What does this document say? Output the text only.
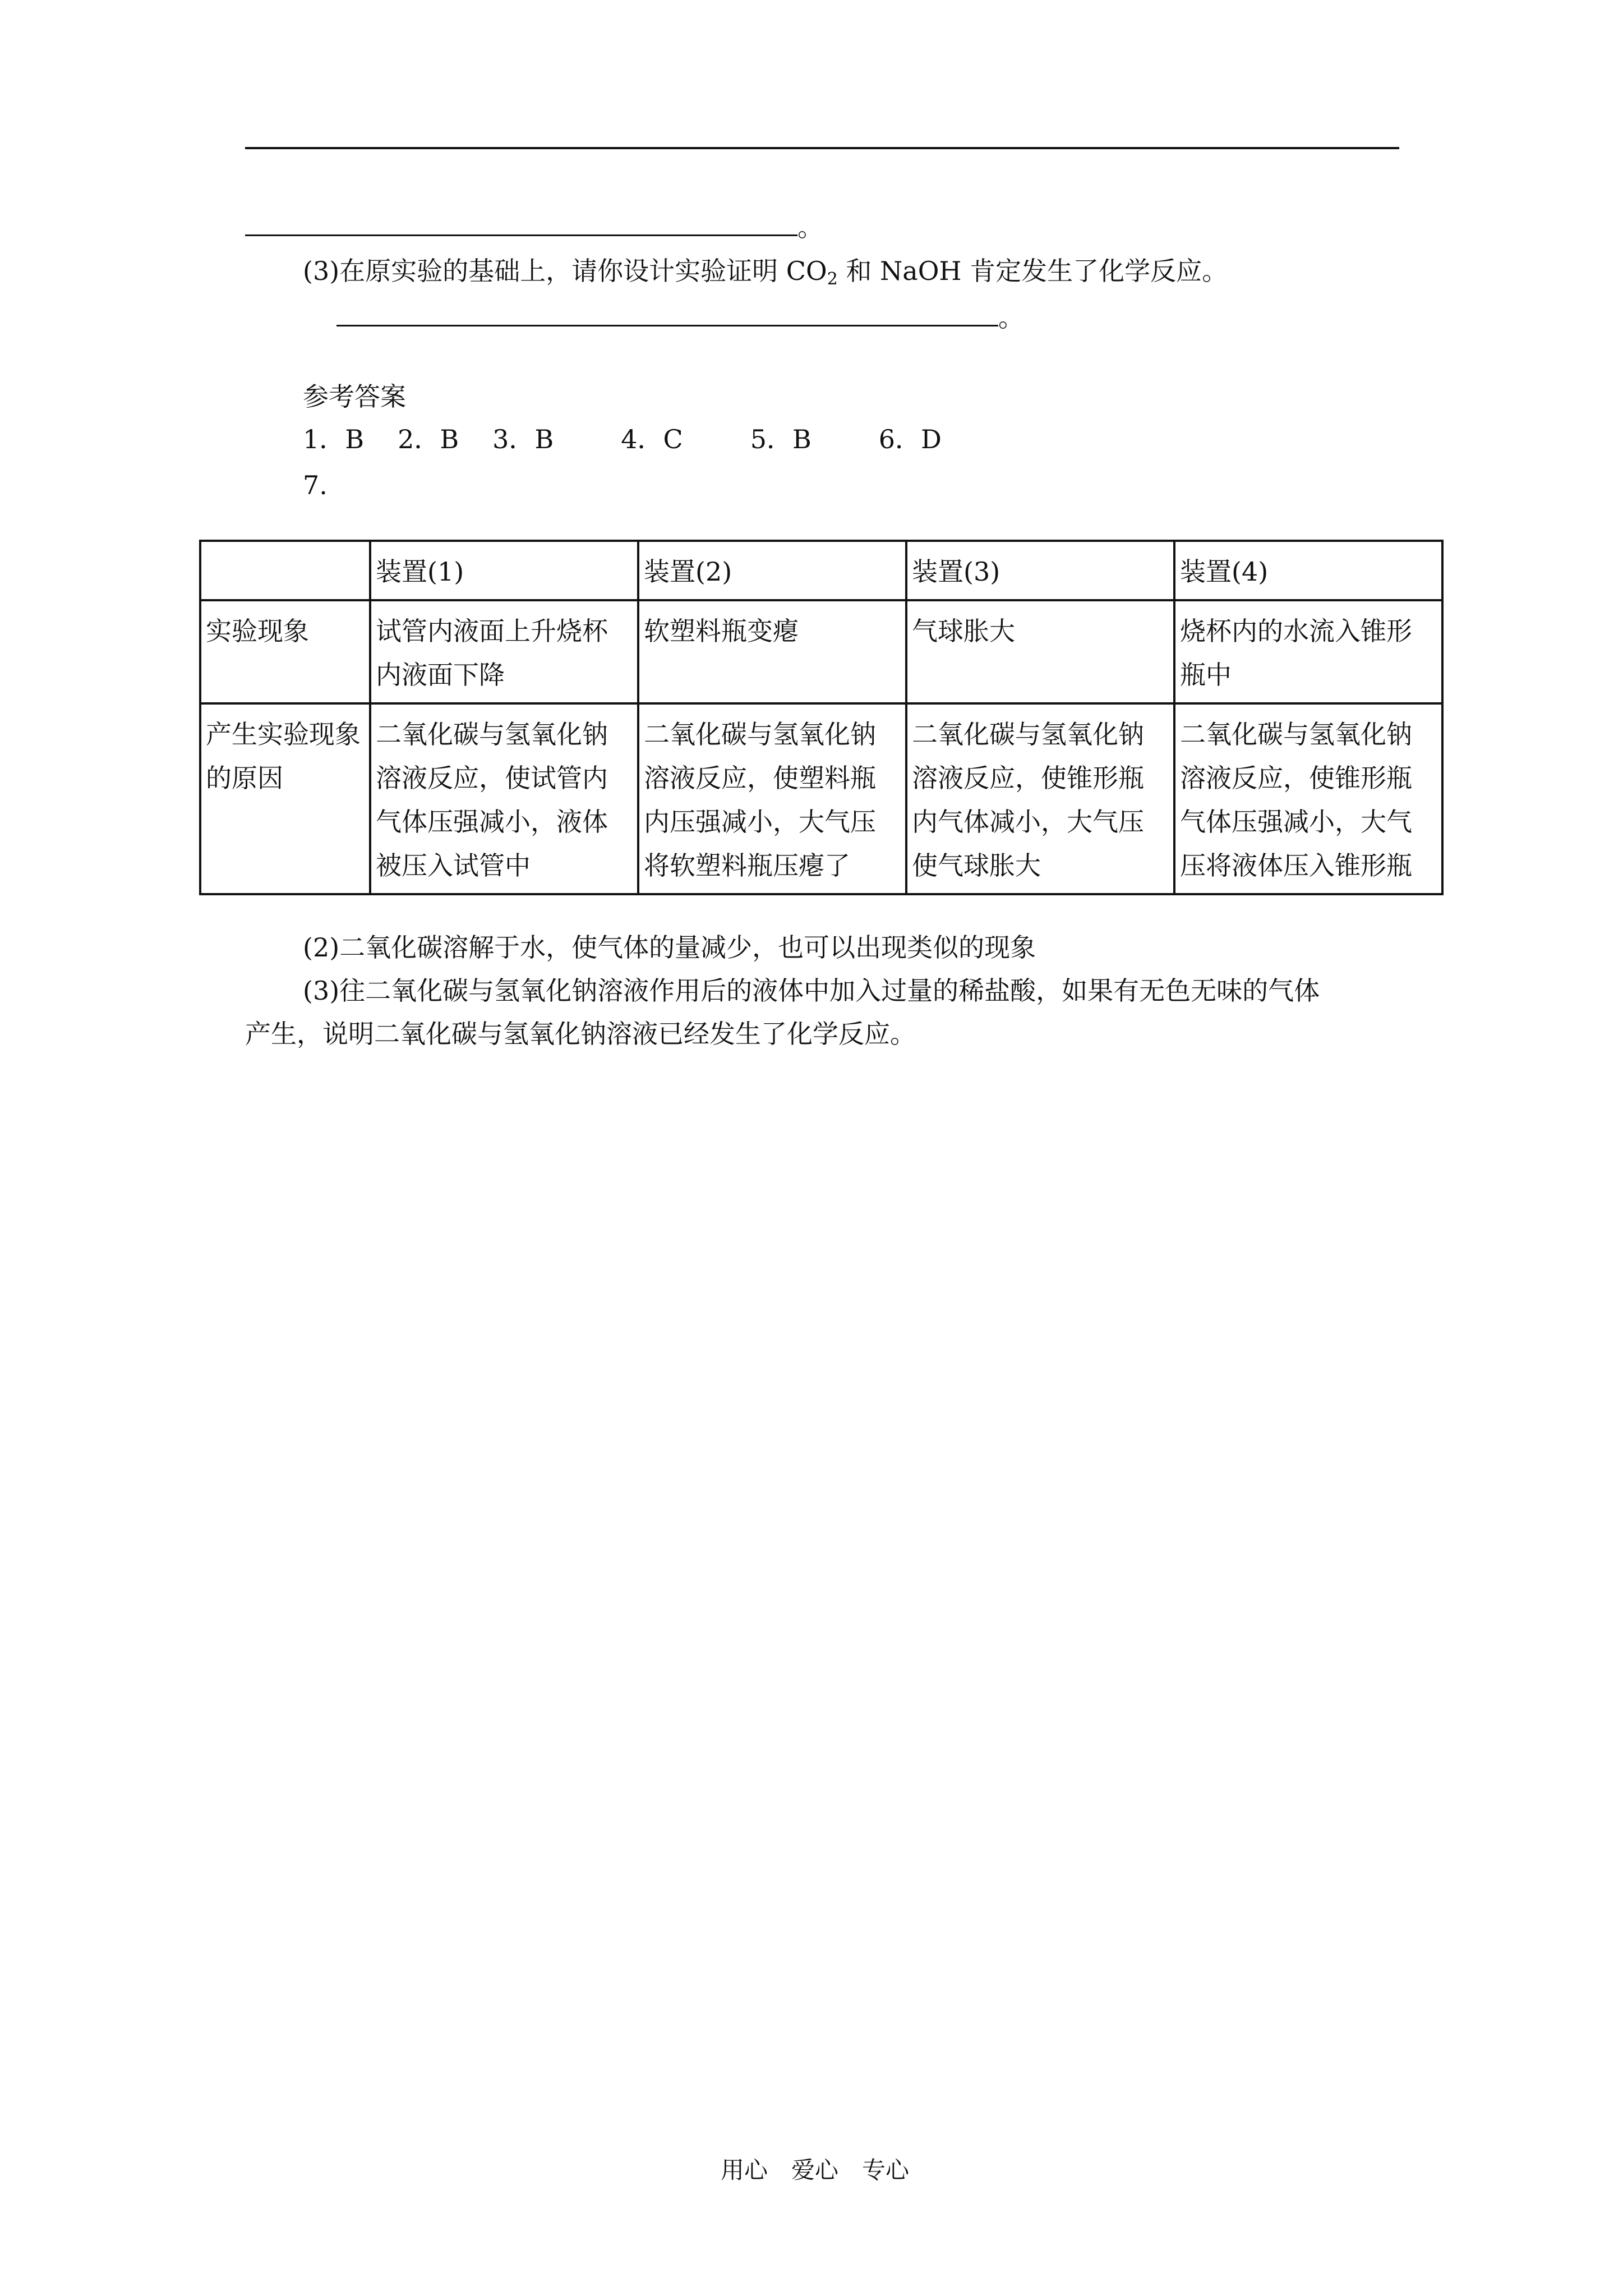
。
(3)在原实验的基础上，请你设计实验证明 $CO_2$ 和 NaOH 肯定发生了化学反应。
。
参考答案
1．B 2．B 3．B	4．C	5．B	6．D
7.
	装置(1)	装置(2)	装置(3)	装置(4)
实验现象	试管内液面上升烧杯内液面下降	软塑料瓶变瘪	气球胀大	烧杯内的水流入锥形瓶中
产生实验现象的原因	二氧化碳与氢氧化钠溶液反应，使试管内气体压强减小，液体被压入试管中	二氧化碳与氢氧化钠溶液反应，使塑料瓶内压强减小，大气压将软塑料瓶压瘪了	二氧化碳与氢氧化钠溶液反应，使锥形瓶内气体减小，大气压使气球胀大	二氧化碳与氢氧化钠溶液反应，使锥形瓶气体压强减小，大气压将液体压入锥形瓶
(2)二氧化碳溶解于水，使气体的量减少，也可以出现类似的现象
(3)往二氧化碳与氢氧化钠溶液作用后的液体中加入过量的稀盐酸，如果有无色无味的气体
产生，说明二氧化碳与氢氧化钠溶液已经发生了化学反应。
用心　爱心　专心
